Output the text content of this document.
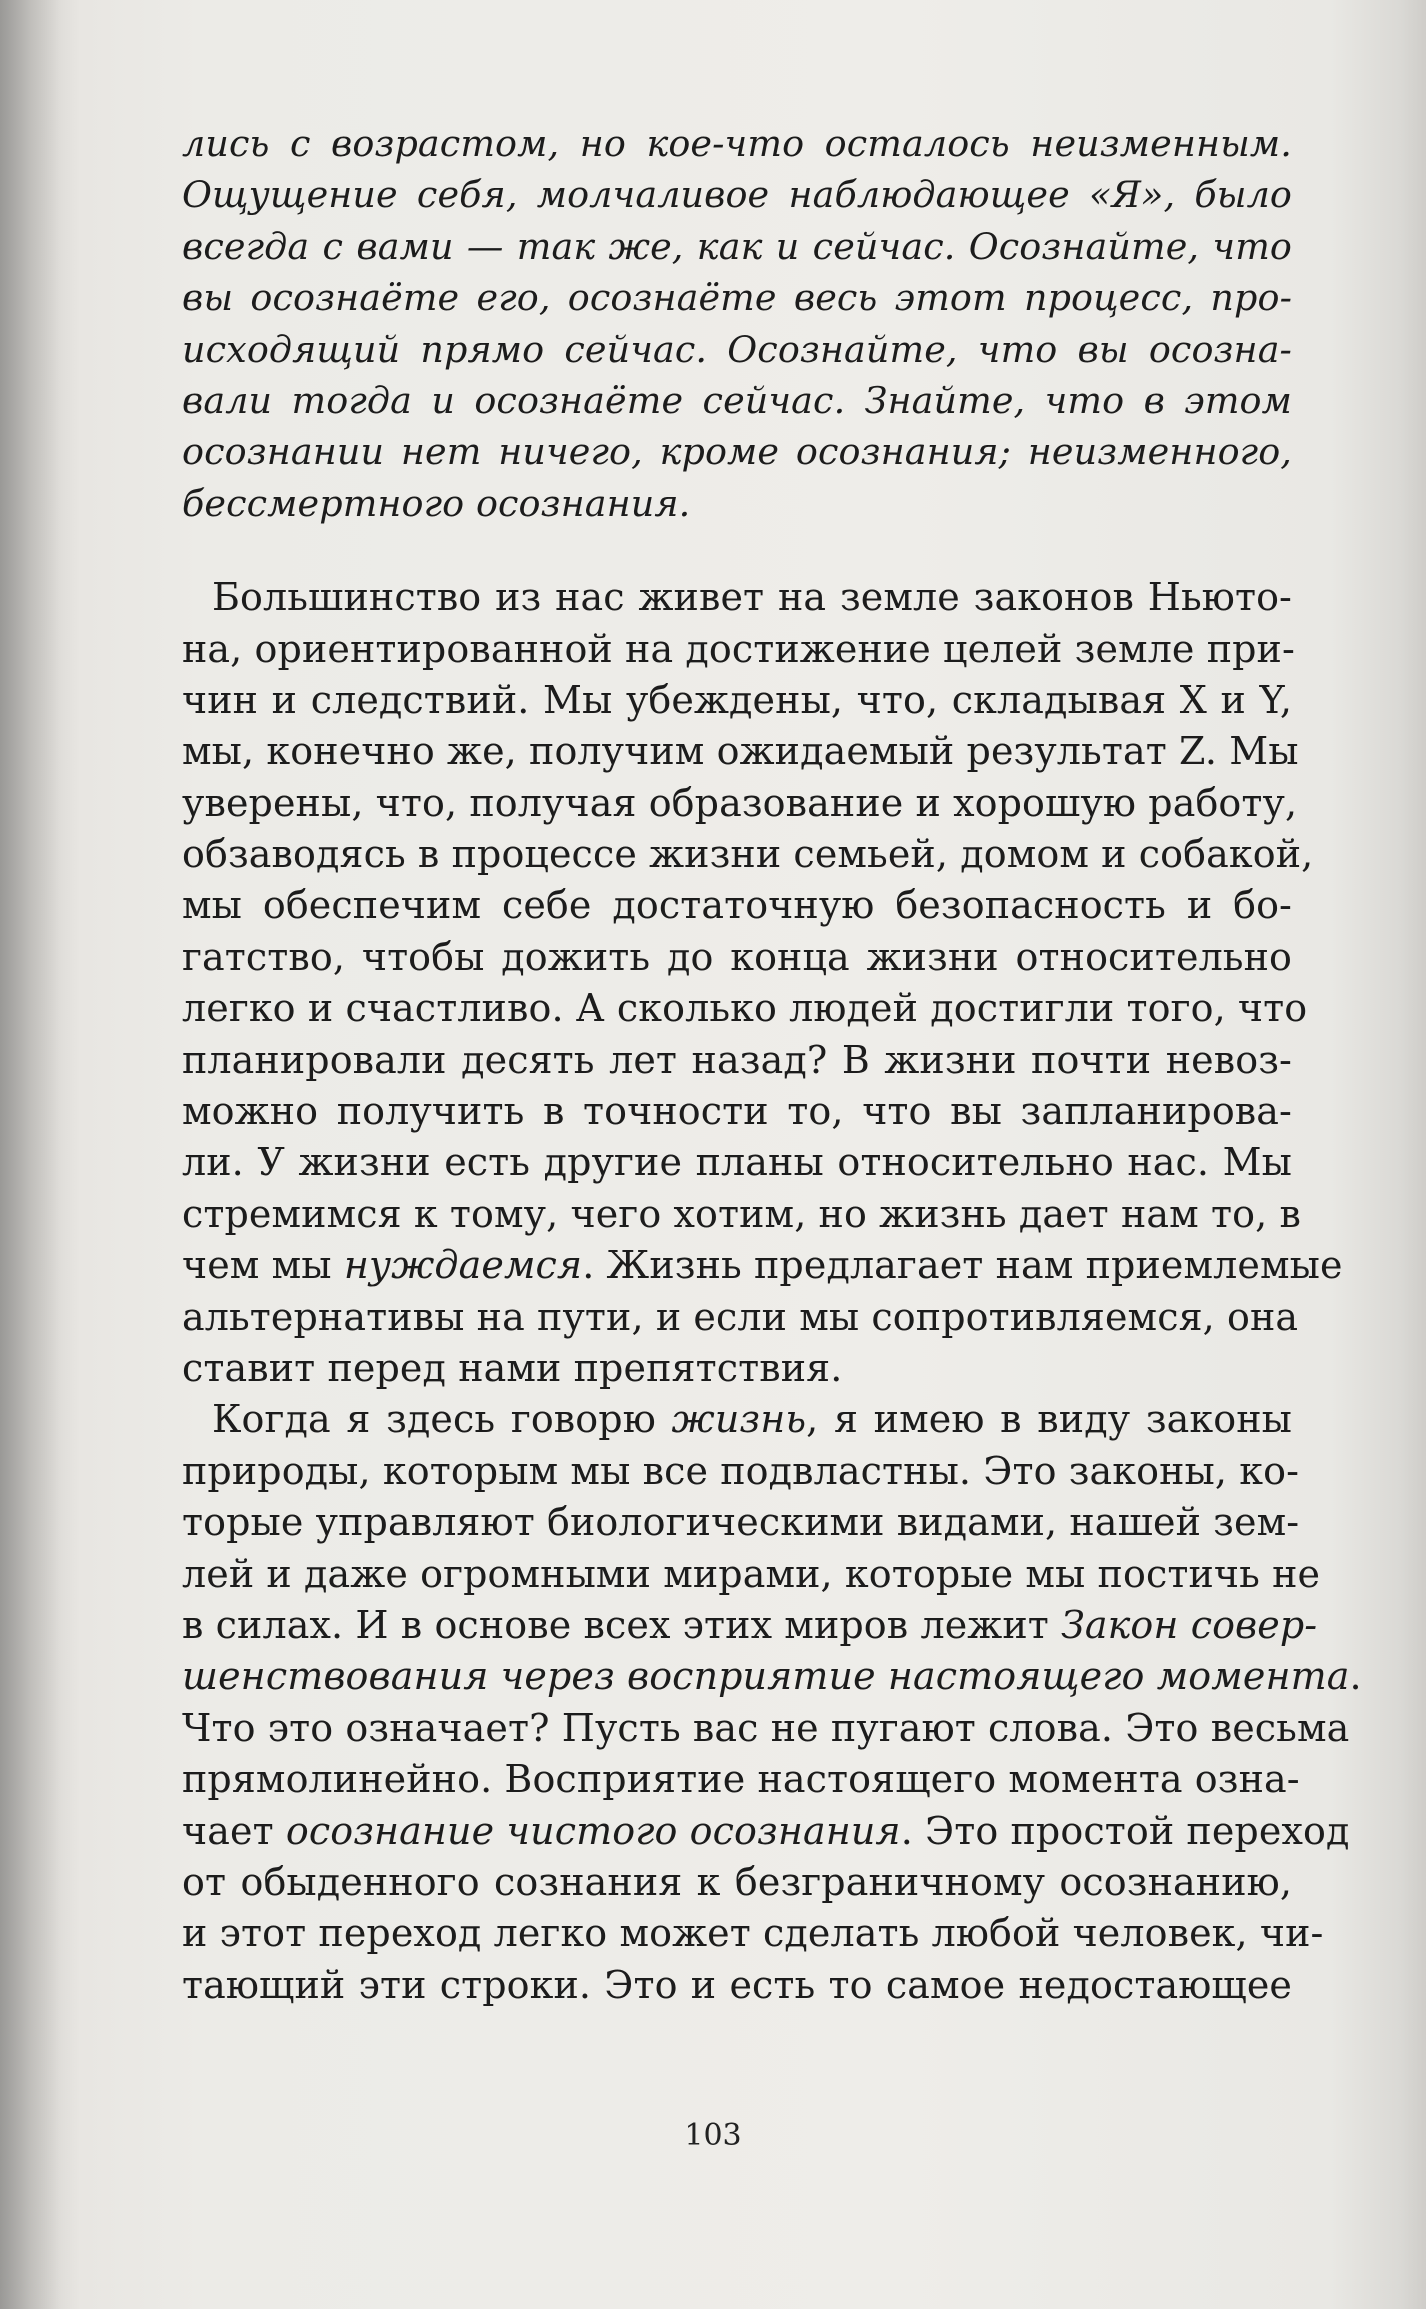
лись с возрастом, но кое-что осталось неизменным.
Ощущение себя, молчаливое наблюдающее «Я», было
всегда с вами — так же, как и сейчас. Осознайте, что
вы осознаёте его, осознаёте весь этот процесс, про-
исходящий прямо сейчас. Осознайте, что вы осозна-
вали тогда и осознаёте сейчас. Знайте, что в этом
осознании нет ничего, кроме осознания; неизменного,
бессмертного осознания.
Большинство из нас живет на земле законов Ньюто-
на, ориентированной на достижение целей земле при-
чин и следствий. Мы убеждены, что, складывая X и Y,
мы, конечно же, получим ожидаемый результат Z. Мы
уверены, что, получая образование и хорошую работу,
обзаводясь в процессе жизни семьей, домом и собакой,
мы обеспечим себе достаточную безопасность и бо-
гатство, чтобы дожить до конца жизни относительно
легко и счастливо. А сколько людей достигли того, что
планировали десять лет назад? В жизни почти невоз-
можно получить в точности то, что вы запланирова-
ли. У жизни есть другие планы относительно нас. Мы
стремимся к тому, чего хотим, но жизнь дает нам то, в
чем мы нуждаемся. Жизнь предлагает нам приемлемые
альтернативы на пути, и если мы сопротивляемся, она
ставит перед нами препятствия.
Когда я здесь говорю жизнь, я имею в виду законы
природы, которым мы все подвластны. Это законы, ко-
торые управляют биологическими видами, нашей зем-
лей и даже огромными мирами, которые мы постичь не
в силах. И в основе всех этих миров лежит Закон совер-
шенствования через восприятие настоящего момента.
Что это означает? Пусть вас не пугают слова. Это весьма
прямолинейно. Восприятие настоящего момента озна-
чает осознание чистого осознания. Это простой переход
от обыденного сознания к безграничному осознанию,
и этот переход легко может сделать любой человек, чи-
тающий эти строки. Это и есть то самое недостающее
103
